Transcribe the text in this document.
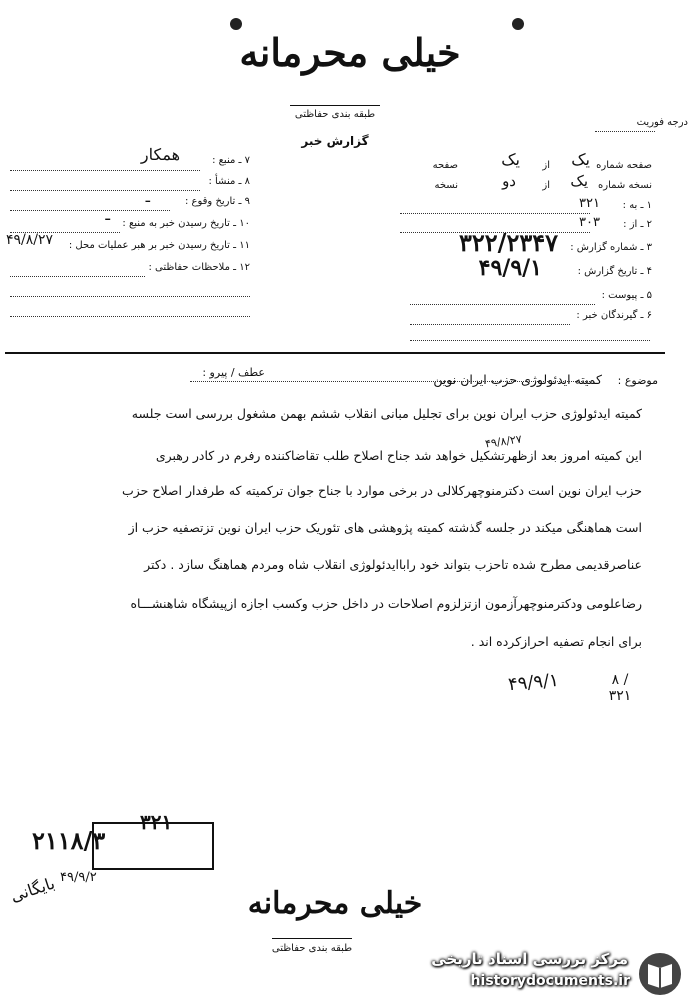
خیلی محرمانه
طبقه بندی حفاظتی
گزارش خبر
درجه فوریت
صفحه شماره
یک
از
یک
صفحه
نسخه شماره
یک
از
دو
نسخه
۱ ـ به :
۳۲۱
۲ ـ از :
۳۰۳
۳ ـ شماره گزارش :
۳۲۲/۲۳۴۷
۴ ـ تاریخ گزارش :
۴۹/۹/۱
۵ ـ پیوست :
۶ ـ گیرندگان خبر :
۷ ـ منبع :
همکار
۸ ـ منشأ :
۹ ـ تاریخ وقوع :
ـ
۱۰ ـ تاریخ رسیدن خبر به منبع :
ـ
۱۱ ـ تاریخ رسیدن خبر بر هبر عملیات محل :
۴۹/۸/۲۷
۱۲ ـ ملاحظات حفاظتی :
موضوع :
کمیته ایدئولوژی حزب ایران نوین
عطف / پیرو :
۴۹/۸/۲۷
کمیته ایدئولوژی حزب ایران نوین برای تجلیل مبانی انقلاب ششم بهمن مشغول بررسی است جلسه
این کمیته امروز بعد ازظهرتشکیل خواهد شد جناح اصلاح طلب تقاضاکننده رفرم در کادر رهبری
حزب ایران نوین است دکترمنوچهرکلالی در برخی موارد با جناح جوان ترکمیته که طرفدار اصلاح حزب
است هماهنگی میکند در جلسه گذشته کمیته پژوهشی های تئوریک حزب ایران نوین تزتصفیه حزب از
عناصرقدیمی مطرح شده تاحزب بتواند خود راباایدئولوژی انقلاب شاه ومردم هماهنگ سازد . دکتر
رضاعلومی ودکترمنوچهرآزمون ازتزلزوم اصلاحات در داخل حزب وکسب اجازه ازپیشگاه شاهنشـــاه
برای انجام تصفیه احرازکرده اند .
۴۹/۹/۱	۸ / ۳۲۱
۳۲۱
۲۱۱۸/۳
۴۹/۹/۲
بایگانی	خیلی محرمانه
طبقه بندی حفاظتی
مرکز بررسی اسناد تاریخی
historydocuments.ir
